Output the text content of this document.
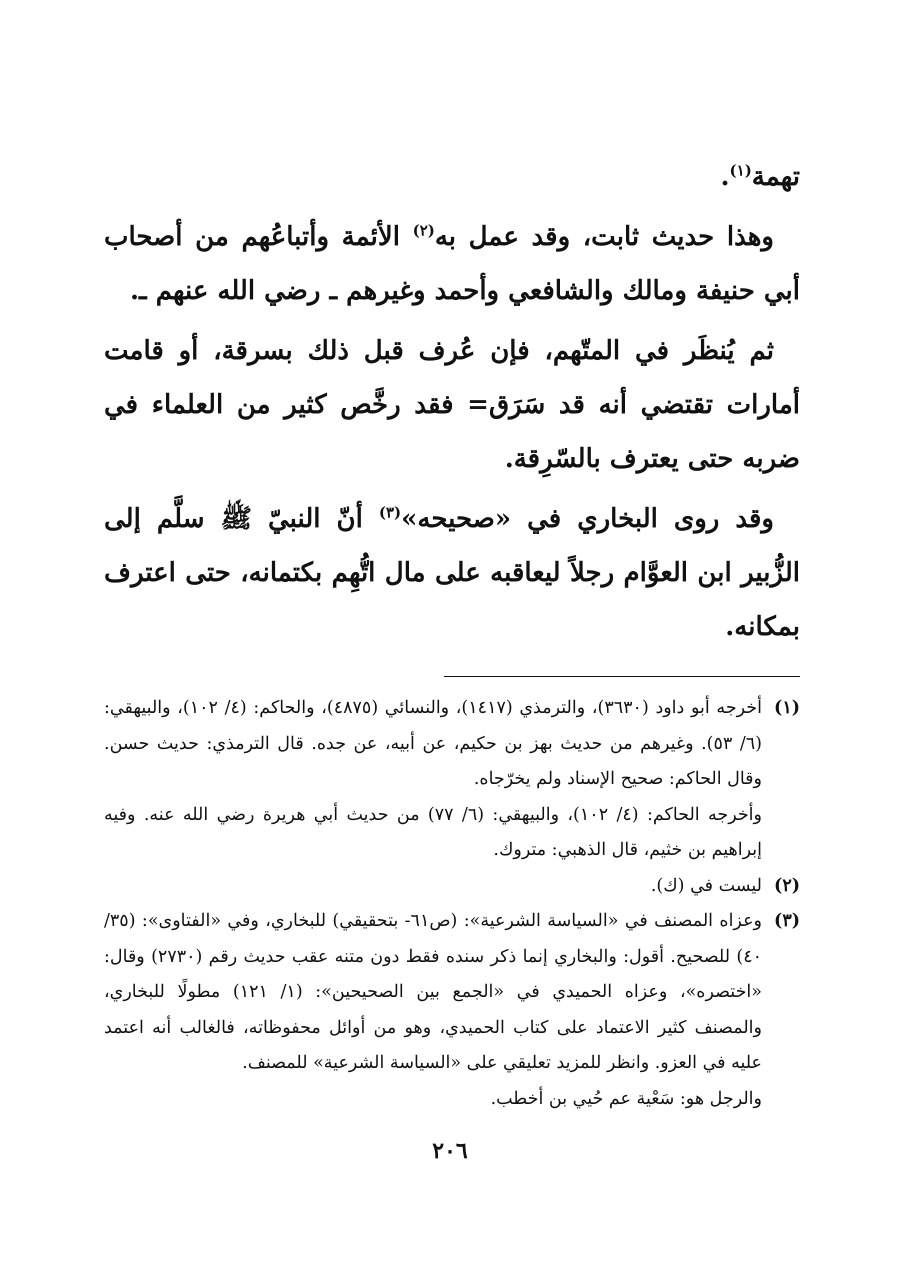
تهمة$^{(١)}$.

وهذا حديث ثابت، وقد عمل به$^{(٢)}$ الأئمة وأتباعُهم من أصحاب أبي حنيفة ومالك والشافعي وأحمد وغيرهم ـ رضي الله عنهم ـ.

ثم يُنظَر في المتّهم، فإن عُرف قبل ذلك بسرقة، أو قامت أمارات تقتضي أنه قد سَرَق= فقد رخَّص كثير من العلماء في ضربه حتى يعترف بالسّرِقة.

وقد روى البخاري في «صحيحه»$^{(٣)}$ أنّ النبيّ ﷺ سلَّم إلى الزُّبير ابن العوَّام رجلاً ليعاقبه على مال اتُّهِم بكتمانه، حتى اعترف بمكانه.

(١)
أخرجه أبو داود (٣٦٣٠)، والترمذي (١٤١٧)، والنسائي (٤٨٧٥)، والحاكم: (٤/ ١٠٢)، والبيهقي: (٦/ ٥٣). وغيرهم من حديث بهز بن حكيم، عن أبيه، عن جده. قال الترمذي: حديث حسن. وقال الحاكم: صحيح الإسناد ولم يخرّجاه.
وأخرجه الحاكم: (٤/ ١٠٢)، والبيهقي: (٦/ ٧٧) من حديث أبي هريرة رضي الله عنه. وفيه إبراهيم بن خثيم، قال الذهبي: متروك.
(٢)
ليست في (ك).
(٣)
وعزاه المصنف في «السياسة الشرعية»: (ص٦١- بتحقيقي) للبخاري، وفي «الفتاوى»: (٣٥/ ٤٠) للصحيح. أقول: والبخاري إنما ذكر سنده فقط دون متنه عقب حديث رقم (٢٧٣٠) وقال: «اختصره»، وعزاه الحميدي في «الجمع بين الصحيحين»: (١/ ١٢١) مطولًا للبخاري، والمصنف كثير الاعتماد على كتاب الحميدي، وهو من أوائل محفوظاته، فالغالب أنه اعتمد عليه في العزو. وانظر للمزيد تعليقي على «السياسة الشرعية» للمصنف.
والرجل هو: سَعْية عم حُيي بن أخطب.
٢٠٦
